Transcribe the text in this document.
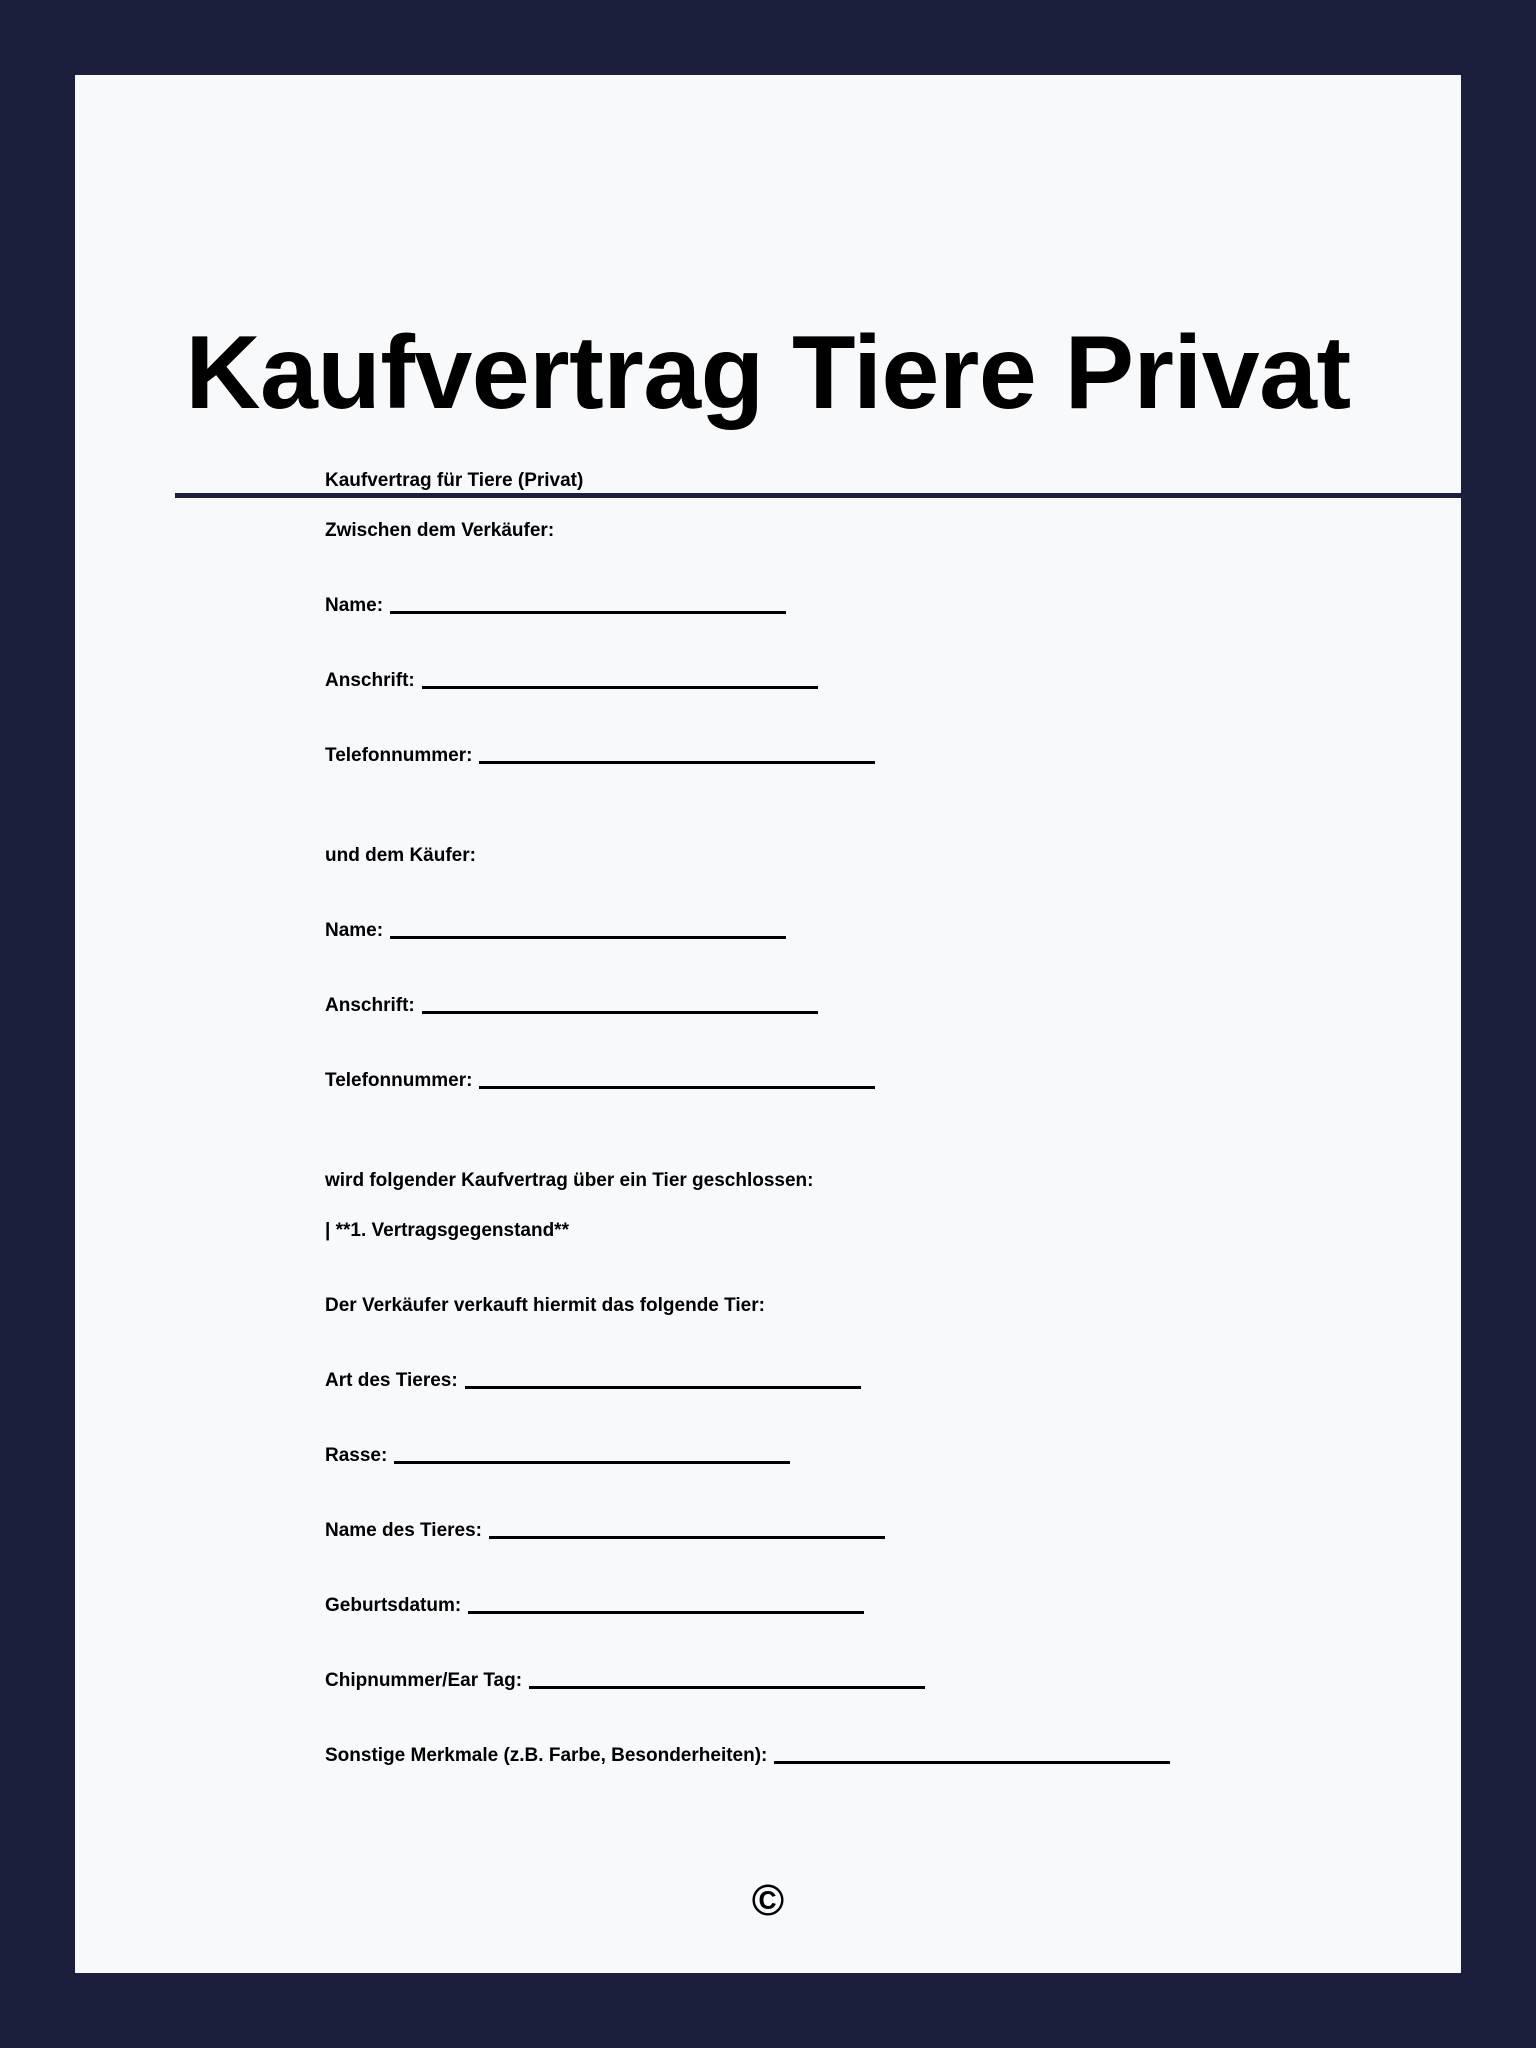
Kaufvertrag Tiere Privat
Kaufvertrag für Tiere (Privat)
Zwischen dem Verkäufer:
Name:
Anschrift:
Telefonnummer:
und dem Käufer:
Name:
Anschrift:
Telefonnummer:
wird folgender Kaufvertrag über ein Tier geschlossen:
| **1. Vertragsgegenstand**
Der Verkäufer verkauft hiermit das folgende Tier:
Art des Tieres:
Rasse:
Name des Tieres:
Geburtsdatum:
Chipnummer/Ear Tag:
Sonstige Merkmale (z.B. Farbe, Besonderheiten):
©
